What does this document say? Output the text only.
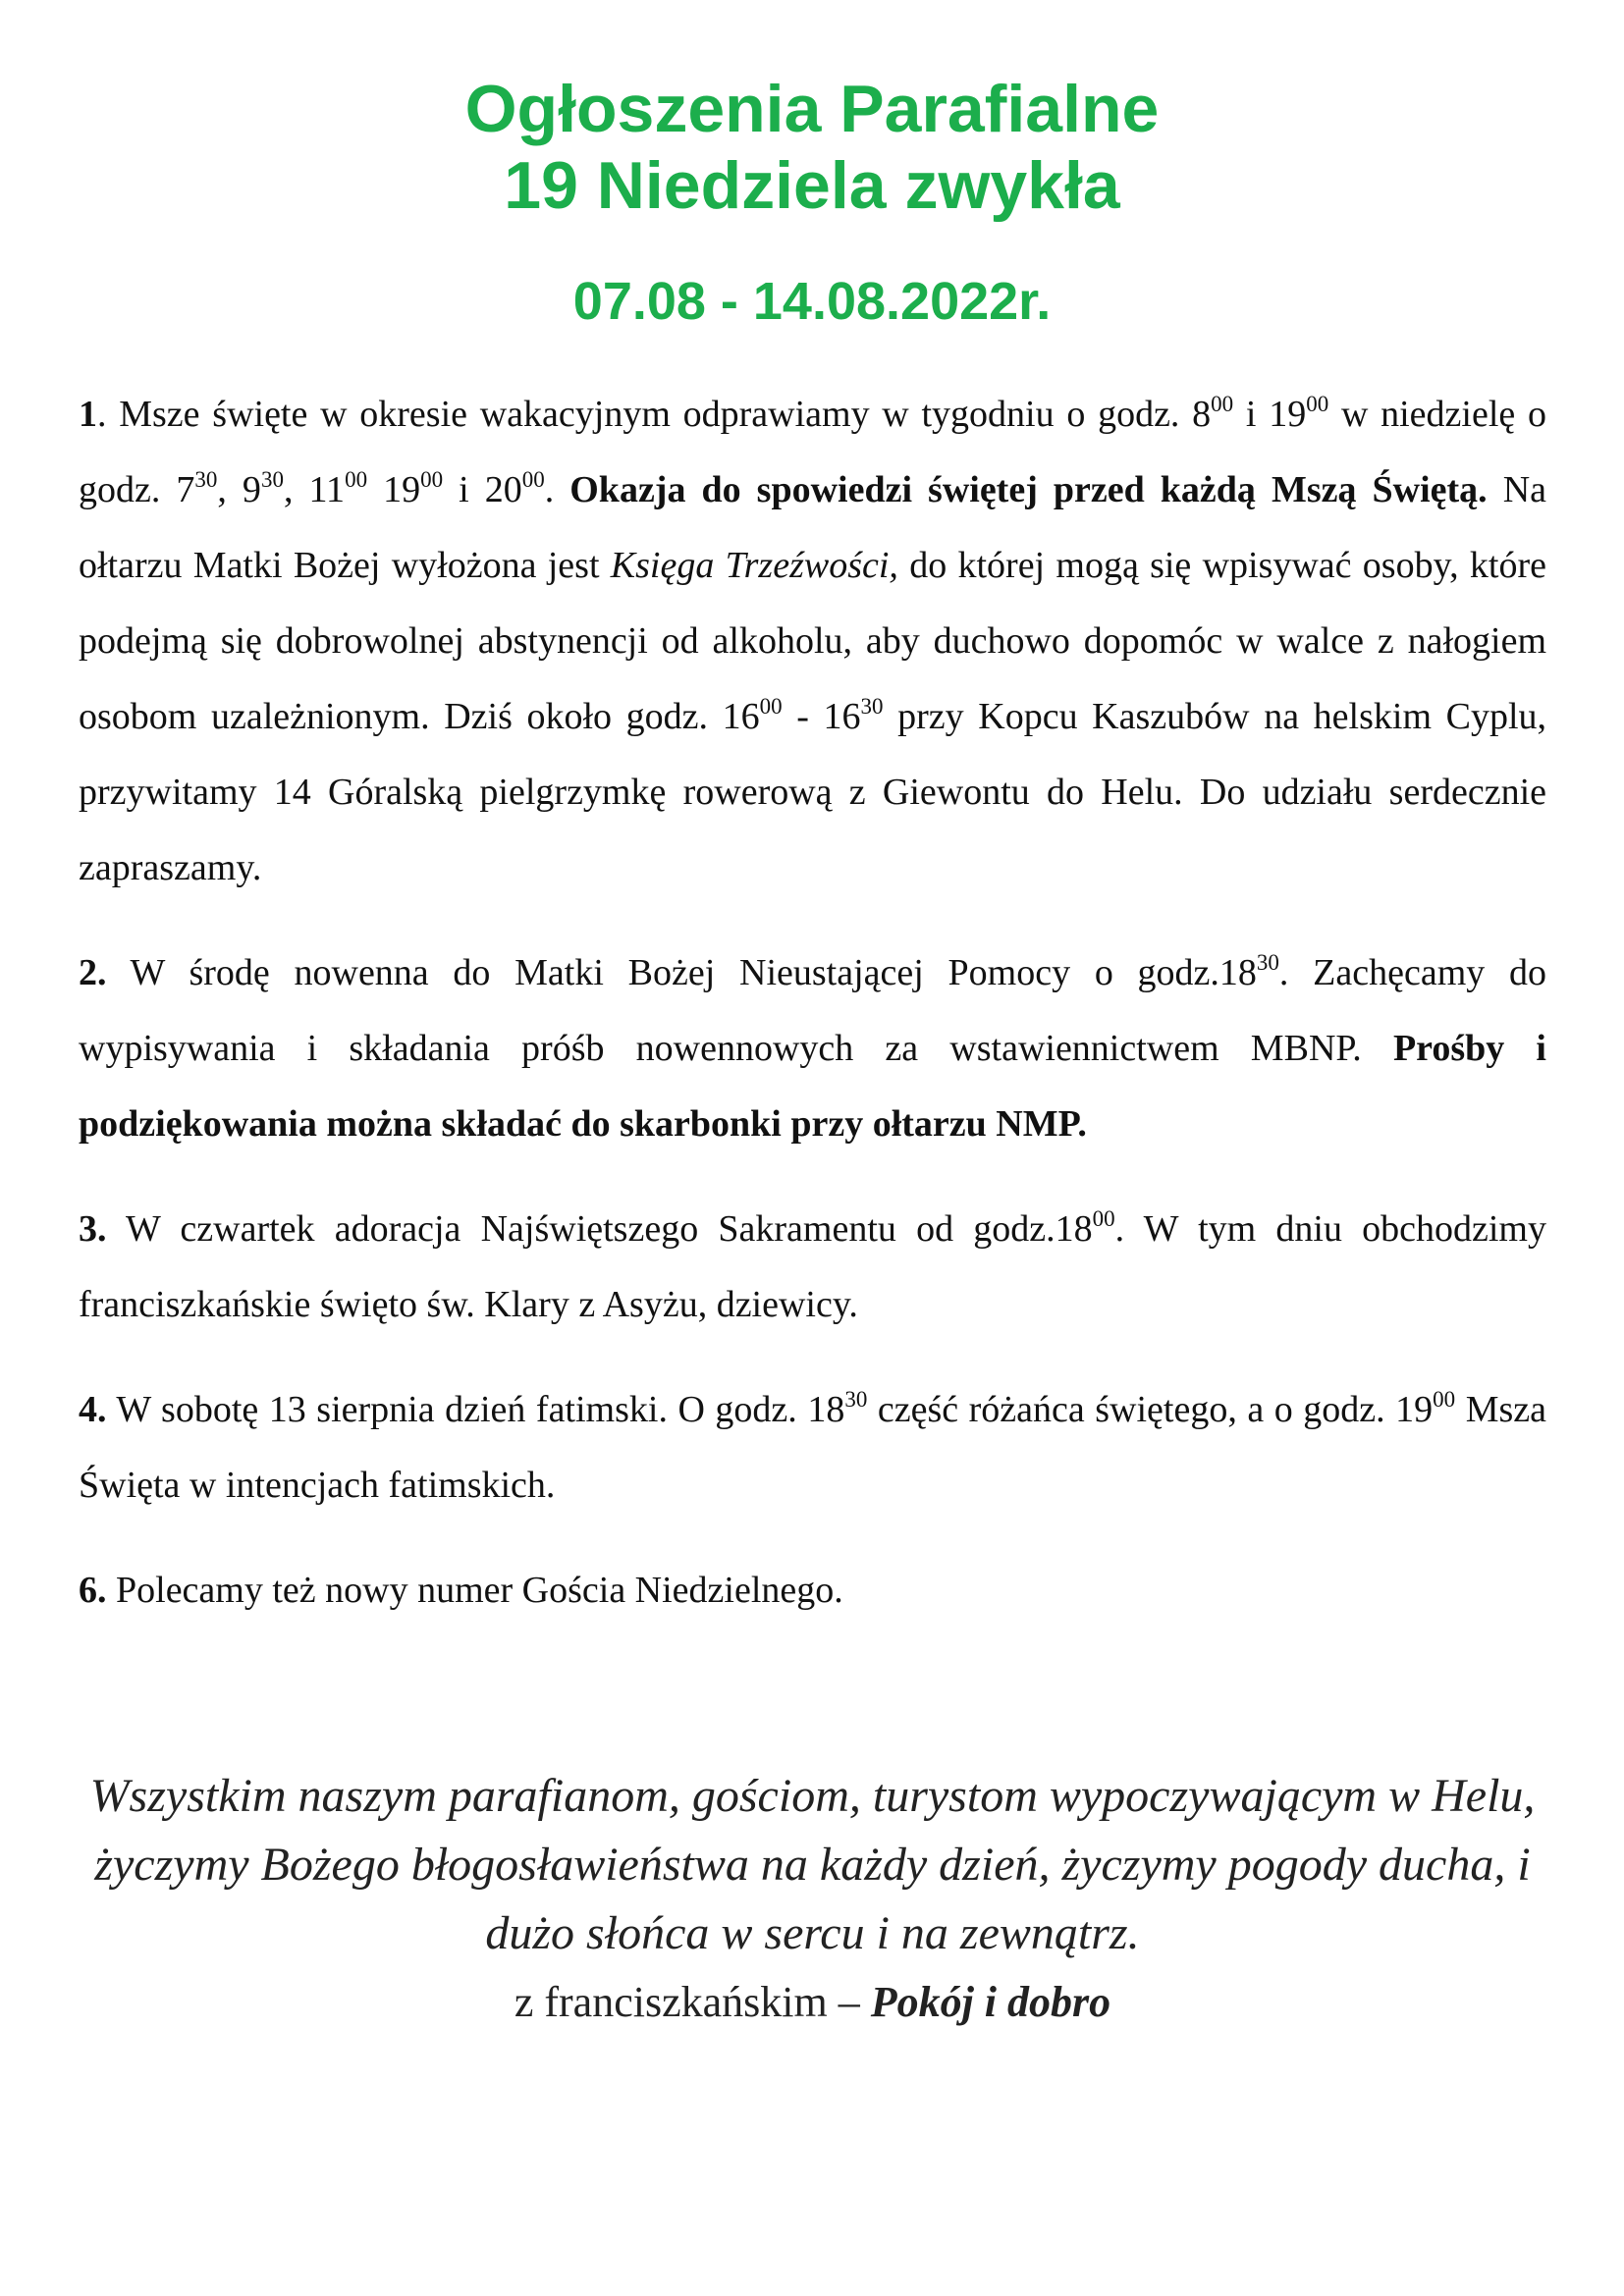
Ogłoszenia Parafialne
19 Niedziela zwykła
07.08 - 14.08.2022r.

1. Msze święte w okresie wakacyjnym odprawiamy w tygodniu o godz. $8^{00}$ i $19^{00}$ w niedzielę o godz. $7^{30}$, $9^{30}$, $11^{00}$ $19^{00}$ i $20^{00}$. Okazja do spowiedzi świętej przed każdą Mszą Świętą. Na ołtarzu Matki Bożej wyłożona jest Księga Trzeźwości, do której mogą się wpisywać osoby, które podejmą się dobrowolnej abstynencji od alkoholu, aby duchowo dopomóc w walce z nałogiem osobom uzależnionym. Dziś około godz. $16^{00} - 16^{30}$ przy Kopcu Kaszubów na helskim Cyplu, przywitamy 14 Góralską pielgrzymkę rowerową z Giewontu do Helu. Do udziału serdecznie zapraszamy.

2. W środę nowenna do Matki Bożej Nieustającej Pomocy o $godz.18^{30}$. Zachęcamy do wypisywania i składania próśb nowennowych za wstawiennictwem MBNP. Prośby i podziękowania można składać do skarbonki przy ołtarzu NMP.

3. W czwartek adoracja Najświętszego Sakramentu od $godz.18^{00}$. W tym dniu obchodzimy franciszkańskie święto św. Klary z Asyżu, dziewicy.

4. W sobotę 13 sierpnia dzień fatimski. O godz. $18^{30}$ część różańca świętego, a o godz. $19^{00}$ Msza Święta w intencjach fatimskich.

6. Polecamy też nowy numer Gościa Niedzielnego.

Wszystkim naszym parafianom, gościom, turystom wypoczywającym w Helu, życzymy Bożego błogosławieństwa na każdy dzień, życzymy pogody ducha, i dużo słońca w sercu i na zewnątrz.
z franciszkańskim – Pokój i dobro
